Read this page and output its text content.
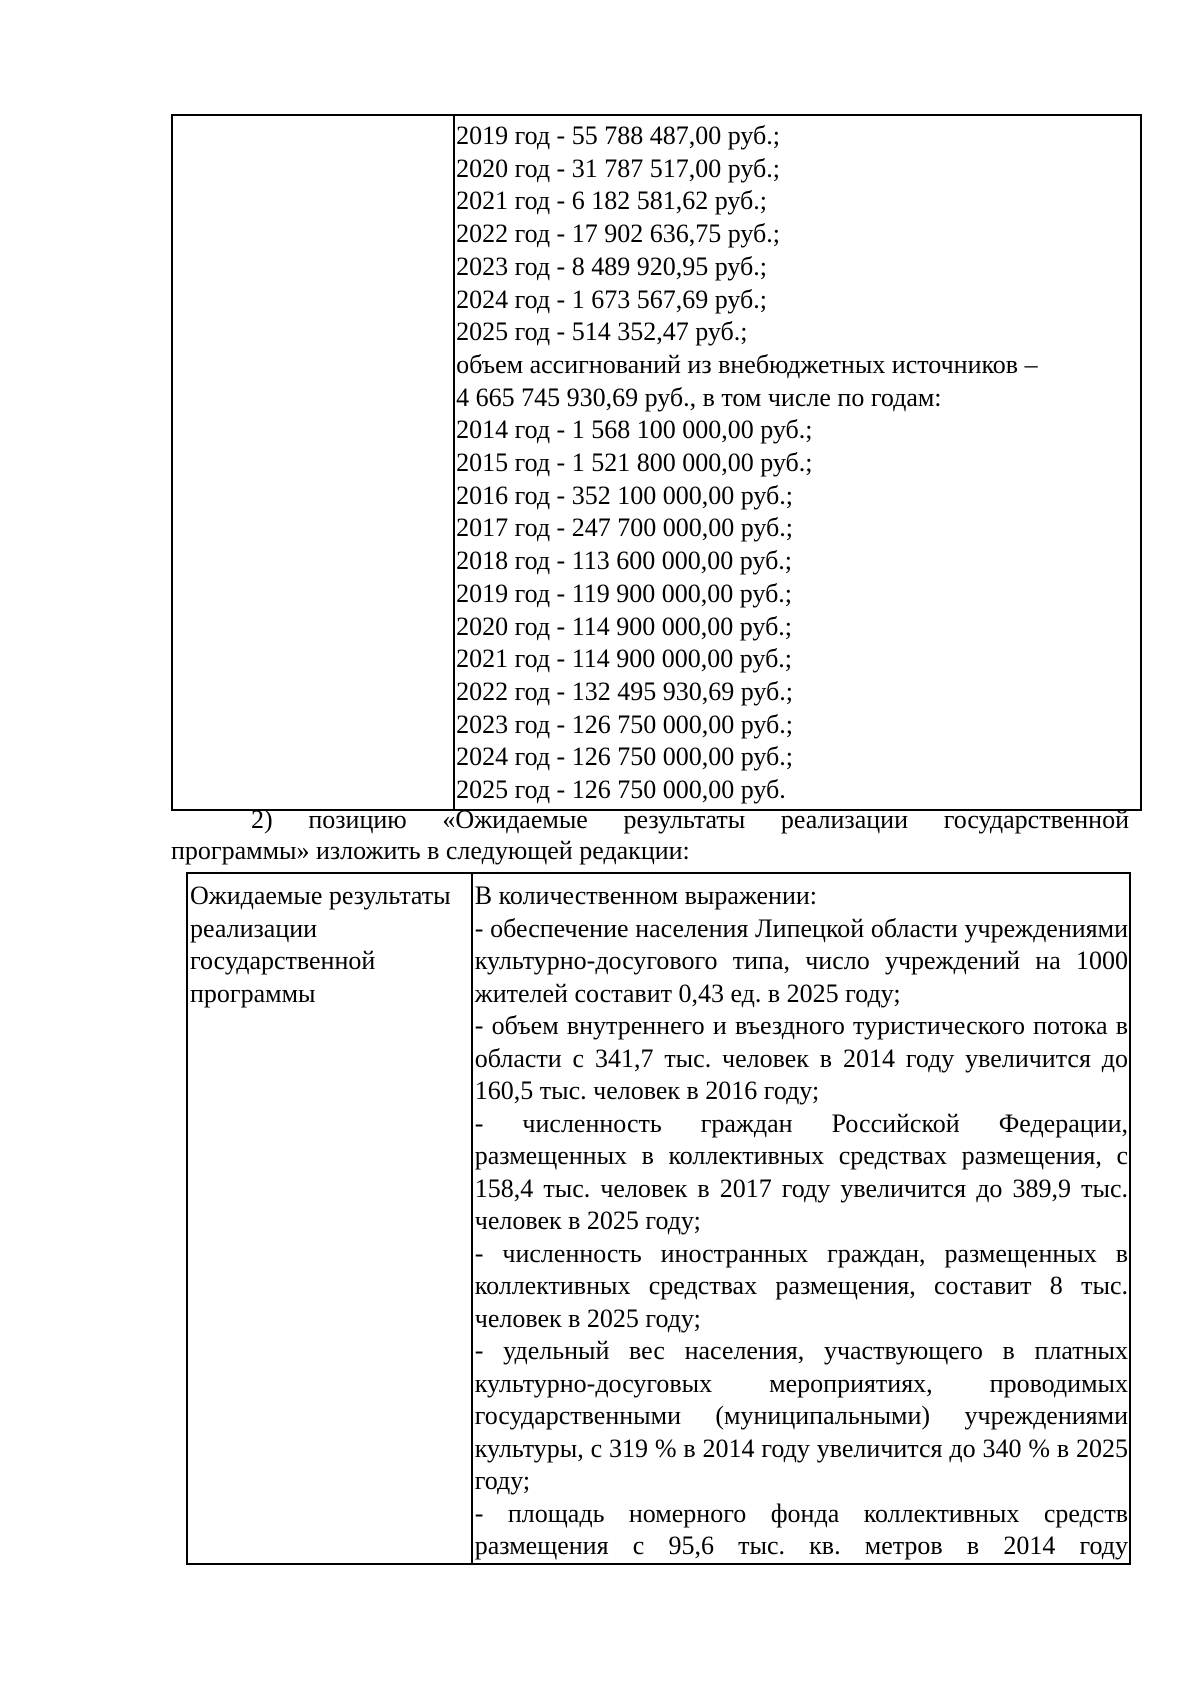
2019 год - 55 788 487,00 руб.;
2020 год - 31 787 517,00 руб.;
2021 год - 6 182 581,62 руб.;
2022 год - 17 902 636,75 руб.;
2023 год - 8 489 920,95 руб.;
2024 год - 1 673 567,69 руб.;
2025 год - 514 352,47 руб.;
объем ассигнований из внебюджетных источников –
4 665 745 930,69 руб., в том числе по годам:
2014 год - 1 568 100 000,00 руб.;
2015 год - 1 521 800 000,00 руб.;
2016 год - 352 100 000,00 руб.;
2017 год - 247 700 000,00 руб.;
2018 год - 113 600 000,00 руб.;
2019 год - 119 900 000,00 руб.;
2020 год - 114 900 000,00 руб.;
2021 год - 114 900 000,00 руб.;
2022 год - 132 495 930,69 руб.;
2023 год - 126 750 000,00 руб.;
2024 год - 126 750 000,00 руб.;
2025 год - 126 750 000,00 руб.
2) позицию «Ожидаемые результаты реализации государственной
программы» изложить в следующей редакции:
Ожидаемые результаты реализации государственной программы	

В количественном выражении:

- обеспечение населения Липецкой области учреждениями культурно-досугового типа, число учреждений на 1000 жителей составит 0,43 ед. в 2025 году;

- объем внутреннего и въездного туристического потока в области с 341,7 тыс. человек в 2014 году увеличится до 160,5 тыс. человек в 2016 году;

- численность граждан Российской Федерации, размещенных в коллективных средствах размещения, с 158,4 тыс. человек в 2017 году увеличится до 389,9 тыс. человек в 2025 году;

- численность иностранных граждан, размещенных в коллективных средствах размещения, составит 8 тыс. человек в 2025 году;

- удельный вес населения, участвующего в платных культурно-досуговых мероприятиях, проводимых государственными (муниципальными) учреждениями культуры, с 319 % в 2014 году увеличится до 340 % в 2025 году;

- площадь номерного фонда коллективных средств размещения с 95,6 тыс. кв. метров в 2014 году
